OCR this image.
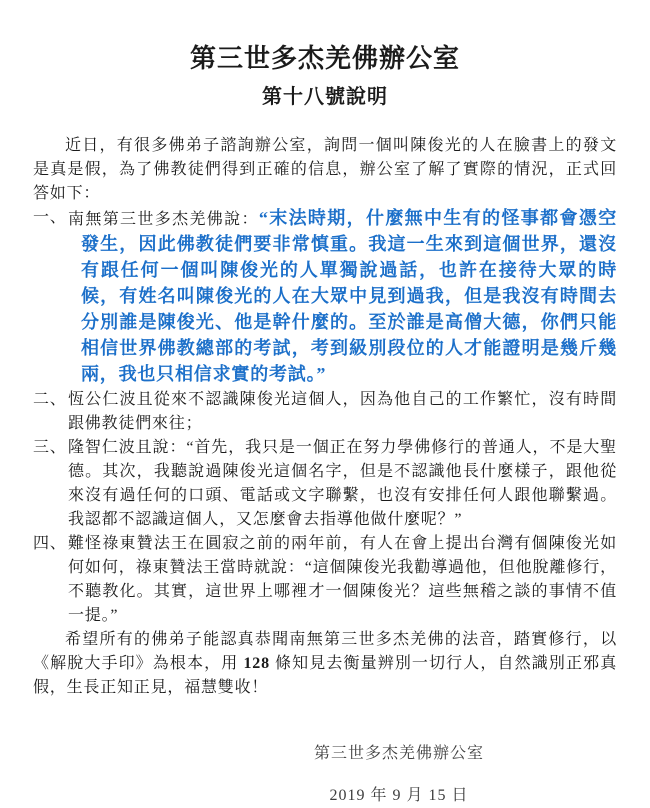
第三世多杰羌佛辦公室
第十八號說明

近日，有很多佛弟子諮詢辦公室，詢問一個叫陳俊光的人在臉書上的發文是真是假，為了佛教徒們得到正確的信息，辦公室了解了實際的情況，正式回答如下：

一、 南無第三世多杰羌佛說：“末法時期，什麼無中生有的怪事都會憑空發生，因此佛教徒們要非常慎重。我這一生來到這個世界，還沒有跟任何一個叫陳俊光的人單獨說過話，也許在接待大眾的時候，有姓名叫陳俊光的人在大眾中見到過我，但是我沒有時間去分別誰是陳俊光、他是幹什麼的。至於誰是高僧大德，你們只能相信世界佛教總部的考試，考到級別段位的人才能證明是幾斤幾兩，我也只相信求實的考試。”
二、 恆公仁波且從來不認識陳俊光這個人，因為他自己的工作繁忙，沒有時間跟佛教徒們來往；
三、 隆智仁波且說：“首先，我只是一個正在努力學佛修行的普通人，不是大聖德。其次，我聽說過陳俊光這個名字，但是不認識他長什麼樣子，跟他從來沒有過任何的口頭、電話或文字聯繫，也沒有安排任何人跟他聯繫過。我認都不認識這個人，又怎麼會去指導他做什麼呢？”
四、 難怪祿東贊法王在圓寂之前的兩年前，有人在會上提出台灣有個陳俊光如何如何，祿東贊法王當時就說：“這個陳俊光我勸導過他，但他脫離修行，不聽教化。其實，這世界上哪裡才一個陳俊光？這些無稽之談的事情不值一提。”

希望所有的佛弟子能認真恭聞南無第三世多杰羌佛的法音，踏實修行，以《解脫大手印》為根本，用 128 條知見去衡量辨別一切行人，自然識別正邪真假，生長正知正見，福慧雙收！

第三世多杰羌佛辦公室
2019 年 9 月 15 日
